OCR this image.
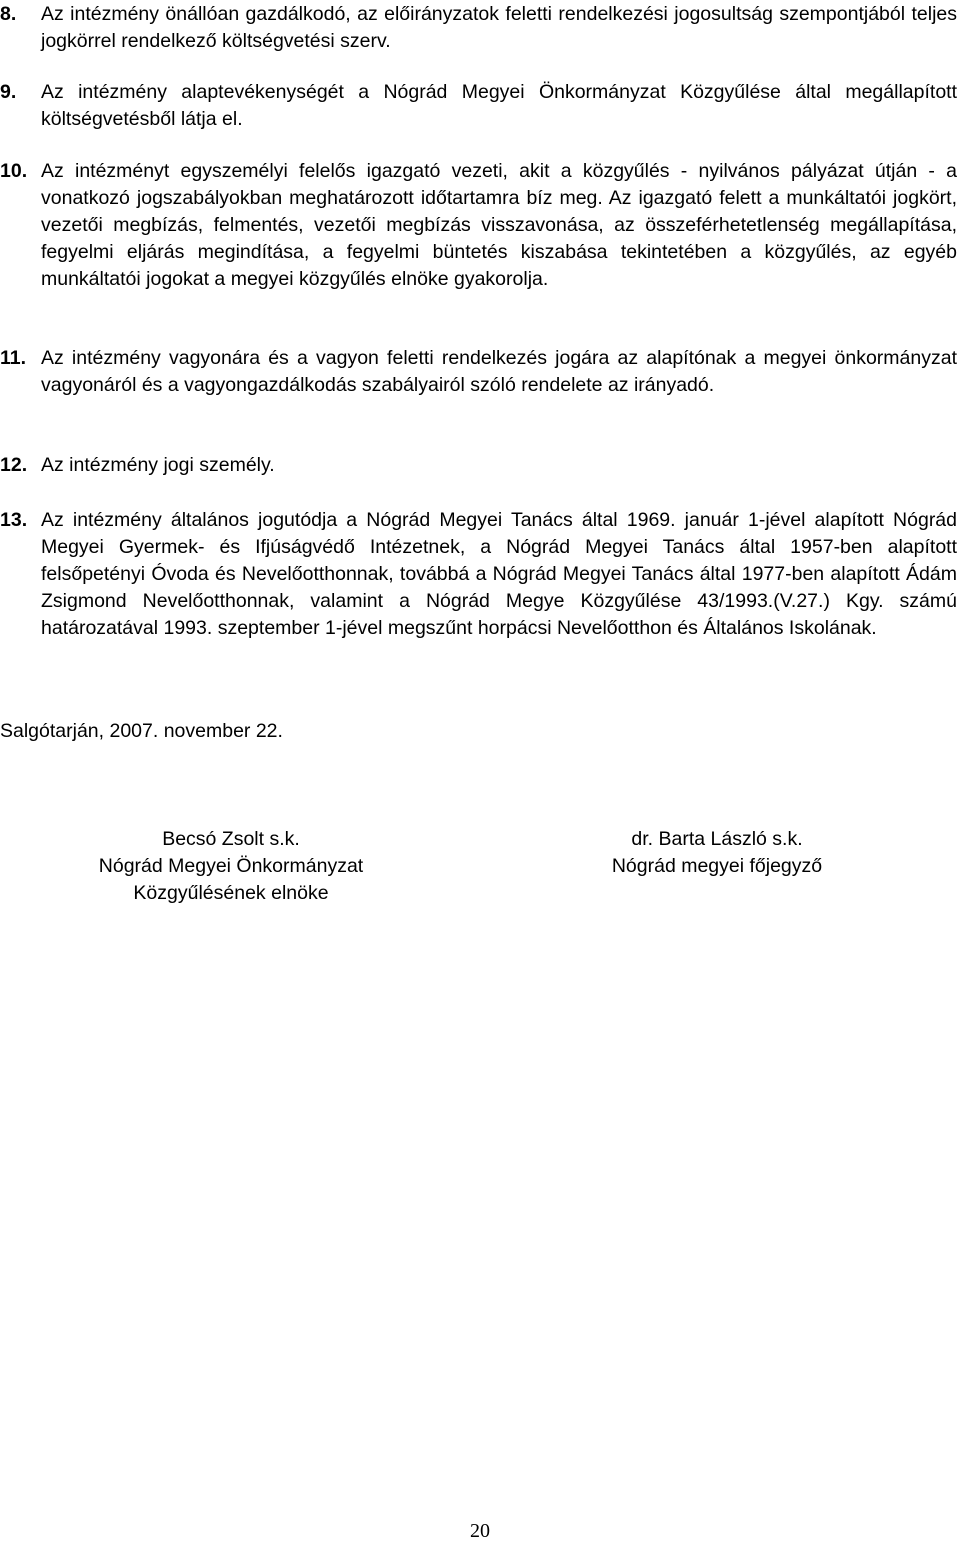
8. Az intézmény önállóan gazdálkodó, az előirányzatok feletti rendelkezési jogosultság szempontjából teljes jogkörrel rendelkező költségvetési szerv.
9. Az intézmény alaptevékenységét a Nógrád Megyei Önkormányzat Közgyűlése által megállapított költségvetésből látja el.
10. Az intézményt egyszemélyi felelős igazgató vezeti, akit a közgyűlés - nyilvános pályázat útján - a vonatkozó jogszabályokban meghatározott időtartamra bíz meg. Az igazgató felett a munkáltatói jogkört, vezetői megbízás, felmentés, vezetői megbízás visszavonása, az összeférhetetlenség megállapítása, fegyelmi eljárás megindítása, a fegyelmi büntetés kiszabása tekintetében a közgyűlés, az egyéb munkáltatói jogokat a megyei közgyűlés elnöke gyakorolja.
11. Az intézmény vagyonára és a vagyon feletti rendelkezés jogára az alapítónak a megyei önkormányzat vagyonáról és a vagyongazdálkodás szabályairól szóló rendelete az irányadó.
12. Az intézmény jogi személy.
13. Az intézmény általános jogutódja a Nógrád Megyei Tanács által 1969. január 1-jével alapított Nógrád Megyei Gyermek- és Ifjúságvédő Intézetnek, a Nógrád Megyei Tanács által 1957-ben alapított felsőpetényi Óvoda és Nevelőotthonnak, továbbá a Nógrád Megyei Tanács által 1977-ben alapított Ádám Zsigmond Nevelőotthonnak, valamint a Nógrád Megye Közgyűlése 43/1993.(V.27.) Kgy. számú határozatával 1993. szeptember 1-jével megszűnt horpácsi Nevelőotthon és Általános Iskolának.
Salgótarján, 2007. november 22.
Becsó Zsolt s.k.
Nógrád Megyei Önkormányzat
Közgyűlésének elnöke
dr. Barta László s.k.
Nógrád megyei főjegyző
20
